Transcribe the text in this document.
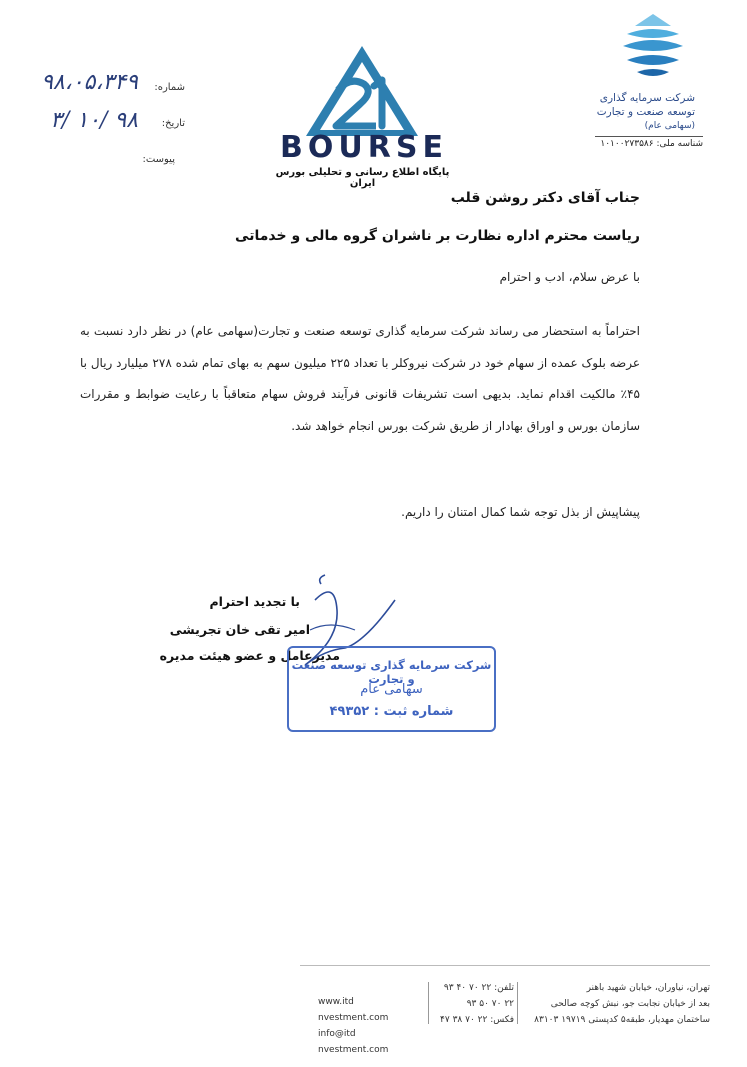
شماره:
۹۸،۰۵،۳۴۹
تاریخ:
۹۸ /۱۰ /۳
پیوست:	BOURSE
پایگاه اطلاع رسانی و تحلیلی بورس ایران
شرکت سرمایه گذاری
توسعه صنعت و تجارت
(سهامی عام)
شناسه ملی: ۱۰۱۰۰۲۷۳۵۸۶
جناب آقای دکتر روشن قلب
ریاست محترم اداره نظارت بر ناشران گروه مالی و خدماتی
با عرض سلام، ادب و احترام
احتراماً به استحضار می رساند شرکت سرمایه گذاری توسعه صنعت و تجارت(سهامی عام) در نظر دارد نسبت به عرضه بلوک عمده از سهام خود در شرکت نیروکلر با تعداد ۲۲۵ میلیون سهم به بهای تمام شده ۲۷۸ میلیارد ریال با ۴۵٪ مالکیت اقدام نماید. بدیهی است تشریفات قانونی فرآیند فروش سهام متعاقباً با رعایت ضوابط و مقررات سازمان بورس و اوراق بهادار از طریق شرکت بورس انجام خواهد شد.
پیشاپیش از بذل توجه شما کمال امتنان را داریم.
با تجدید احترام
امیر تقی خان تجریشی
مدیرعامل و عضو هیئت مدیره
شرکت سرمایه گذاری توسعه صنعت و تجارت
سهامی عام
شماره ثبت : ۴۹۳۵۲
تهران، نیاوران، خیابان شهید باهنر
بعد از خیابان نجابت جو، نبش کوچه صالحی
ساختمان مهدیار، طبقه۵ کدپستی ۱۹۷۱۹ ۸۳۱۰۳
تلفن: ۲۲ ۷۰ ۴۰ ۹۳
۲۲ ۷۰ ۵۰ ۹۳
فکس: ۲۲ ۷۰ ۳۸ ۴۷
www.itd nvestment.com
info@itd nvestment.com
